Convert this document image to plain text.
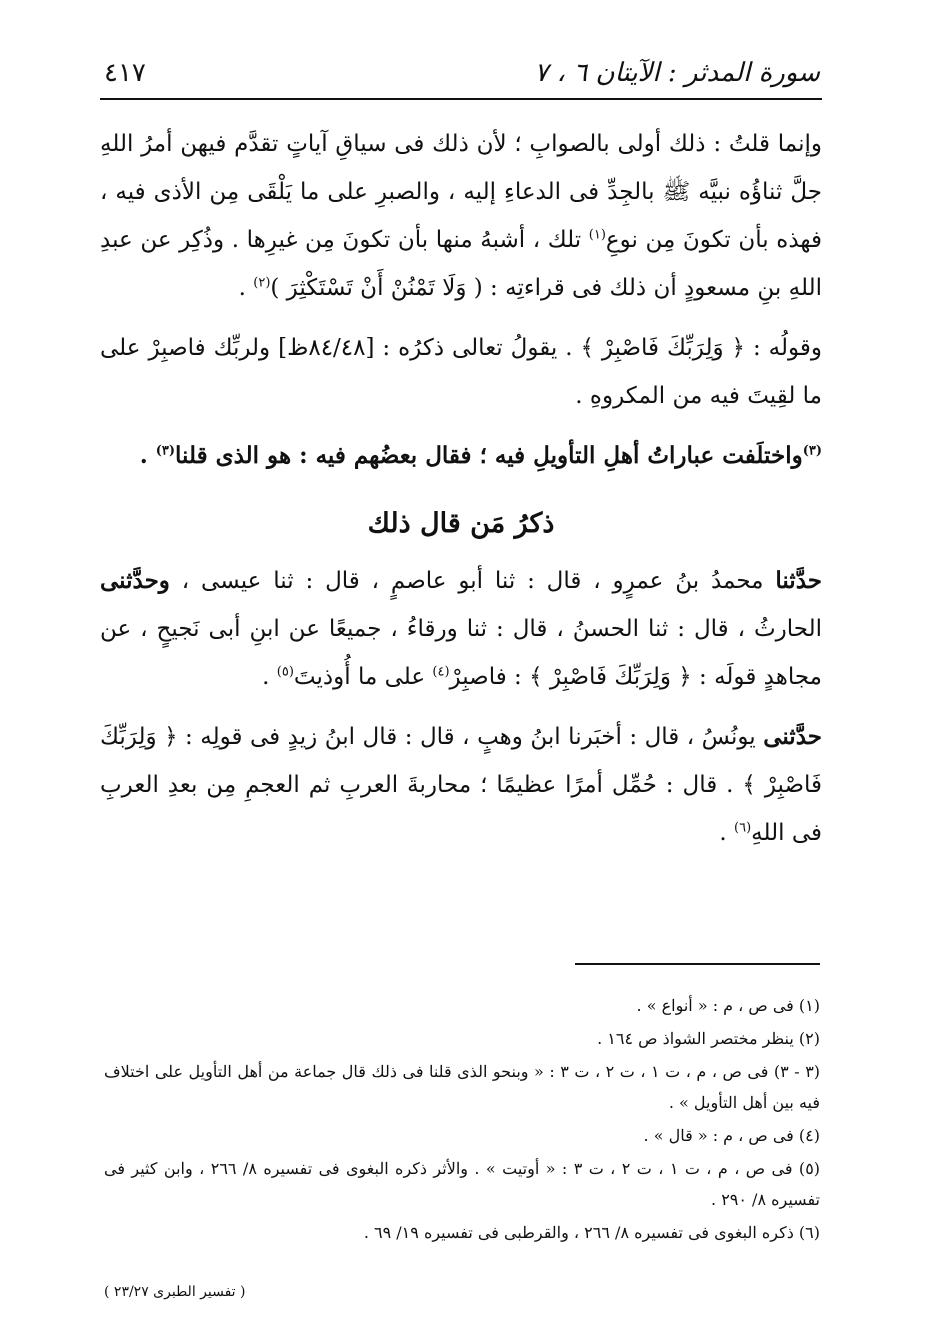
سورة المدثر : الآيتان ٦ ، ٧
٤١٧

وإنما قلتُ : ذلك أولى بالصوابِ ؛ لأن ذلك فى سياقِ آياتٍ تقدَّم فيهن أمرُ اللهِ جلَّ ثناؤُه نبيَّه ﷺ بالجِدِّ فى الدعاءِ إليه ، والصبرِ على ما يَلْقَى مِن الأذى فيه ، فهذه بأن تكونَ مِن نوعِ$^{(١)}$ تلك ، أشبهُ منها بأن تكونَ مِن غيرِها . وذُكِر عن عبدِ اللهِ بنِ مسعودٍ أن ذلك فى قراءتِه : ( وَلَا تَمْنُنْ أَنْ تَسْتَكْثِرَ )$^{(٢)}$ .

وقولُه : ﴿ وَلِرَبِّكَ فَاصْبِرْ ﴾ . يقولُ تعالى ذكرُه : [٨٤/٤٨ظ] ولربِّك فاصبِرْ على ما لقِيتَ فيه من المكروهِ .

$^{(٣)}$واختلَفت عباراتُ أهلِ التأويلِ فيه ؛ فقال بعضُهم فيه : هو الذى قلنا$^{(٣)}$ .

ذكرُ مَن قال ذلك

حدَّثنا محمدُ بنُ عمرٍو ، قال : ثنا أبو عاصمٍ ، قال : ثنا عيسى ، وحدَّثنى الحارثُ ، قال : ثنا الحسنُ ، قال : ثنا ورقاءُ ، جميعًا عن ابنِ أبى نَجيحٍ ، عن مجاهدٍ قولَه : ﴿ وَلِرَبِّكَ فَاصْبِرْ ﴾ : فاصبِرْ$^{(٤)}$ على ما أُوذيتَ$^{(٥)}$ .

حدَّثنى يونُسُ ، قال : أخبَرنا ابنُ وهبٍ ، قال : قال ابنُ زيدٍ فى قولِه : ﴿ وَلِرَبِّكَ فَاصْبِرْ ﴾ . قال : حُمِّل أمرًا عظيمًا ؛ محاربةَ العربِ ثم العجمِ مِن بعدِ العربِ فى اللهِ$^{(٦)}$ .

(١) فى ص ، م : « أنواع » .

(٢) ينظر مختصر الشواذ ص ١٦٤ .

(٣ - ٣) فى ص ، م ، ت ١ ، ت ٢ ، ت ٣ : « وبنحو الذى قلنا فى ذلك قال جماعة من أهل التأويل على اختلاف فيه بين أهل التأويل » .

(٤) فى ص ، م : « قال » .

(٥) فى ص ، م ، ت ١ ، ت ٢ ، ت ٣ : « أوتيت » . والأثر ذكره البغوى فى تفسيره ٨/ ٢٦٦ ، وابن كثير فى تفسيره ٨/ ٢٩٠ .

(٦) ذكره البغوى فى تفسيره ٨/ ٢٦٦ ، والقرطبى فى تفسيره ١٩/ ٦٩ .

( تفسير الطبرى ٢٣/٢٧ )
